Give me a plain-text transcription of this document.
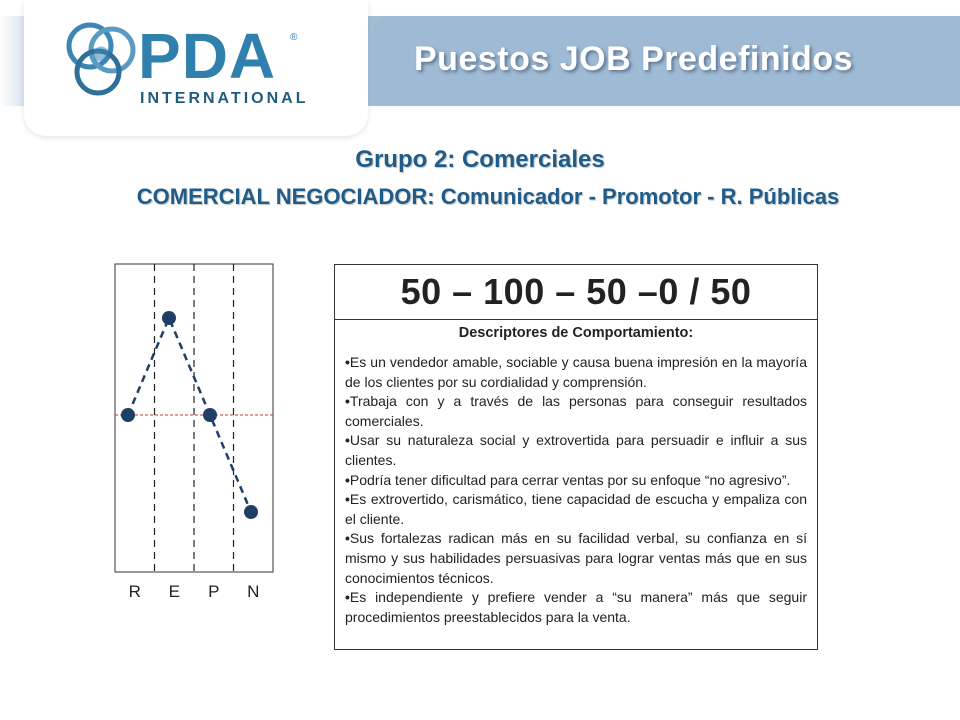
Puestos JOB Predefinidos
PDA ®
INTERNATIONAL
Grupo 2: Comerciales
COMERCIAL NEGOCIADOR: Comunicador - Promotor - R. Públicas
R E P N
50 – 100 – 50 –0 / 50
Descriptores de Comportamiento:
•Es un vendedor amable, sociable y causa buena impresión en la mayoría de los clientes por su cordialidad y comprensión.
•Trabaja con y a través de las personas para conseguir resultados comerciales.
•Usar su naturaleza social y extrovertida para persuadir e influir a sus clientes.
•Podría tener dificultad para cerrar ventas por su enfoque “no agresivo”.
•Es extrovertido, carismático, tiene capacidad de escucha y empaliza con el cliente.
•Sus fortalezas radican más en su facilidad verbal, su confianza en sí mismo y sus habilidades persuasivas para lograr ventas más que en sus conocimientos técnicos.
•Es independiente y prefiere vender a “su manera” más que seguir procedimientos preestablecidos para la venta.
